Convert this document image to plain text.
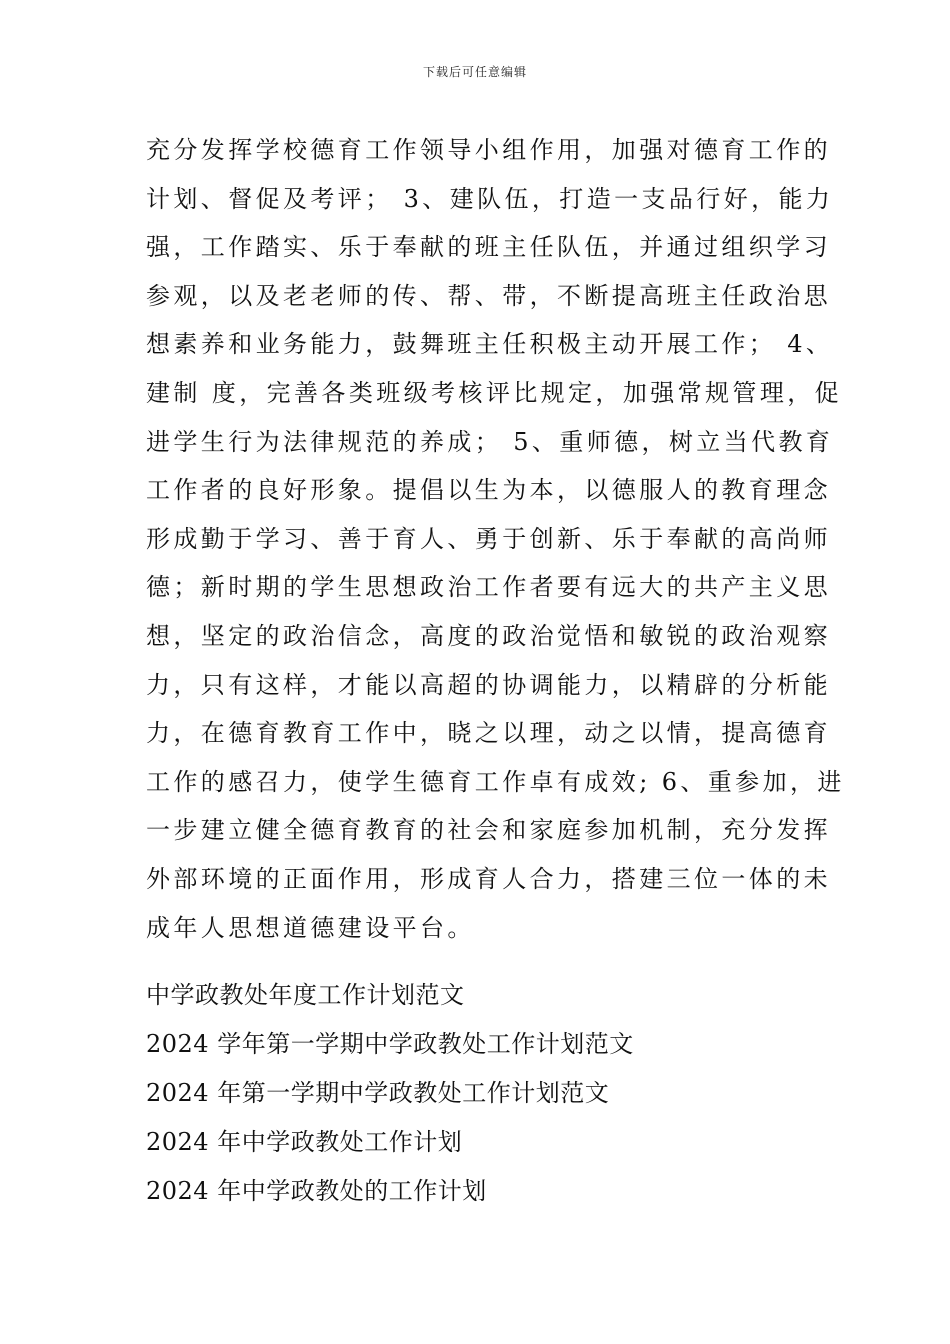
下载后可任意编辑
充分发挥学校德育工作领导小组作用，加强对德育工作的
计划、督促及考评； 3、建队伍，打造一支品行好，能力
强，工作踏实、乐于奉献的班主任队伍，并通过组织学习
参观，以及老老师的传、帮、带，不断提高班主任政治思
想素养和业务能力，鼓舞班主任积极主动开展工作； 4、
建制 度，完善各类班级考核评比规定，加强常规管理，促
进学生行为法律规范的养成； 5、重师德，树立当代教育
工作者的良好形象。提倡以生为本，以德服人的教育理念
形成勤于学习、善于育人、勇于创新、乐于奉献的高尚师
德；新时期的学生思想政治工作者要有远大的共产主义思
想，坚定的政治信念，高度的政治觉悟和敏锐的政治观察
力，只有这样，才能以高超的协调能力，以精辟的分析能
力，在德育教育工作中，晓之以理，动之以情，提高德育
工作的感召力，使学生德育工作卓有成效; 6、重参加，进
一步建立健全德育教育的社会和家庭参加机制，充分发挥
外部环境的正面作用，形成育人合力，搭建三位一体的未
成年人思想道德建设平台。
中学政教处年度工作计划范文
2024 学年第一学期中学政教处工作计划范文
2024 年第一学期中学政教处工作计划范文
2024 年中学政教处工作计划
2024 年中学政教处的工作计划
